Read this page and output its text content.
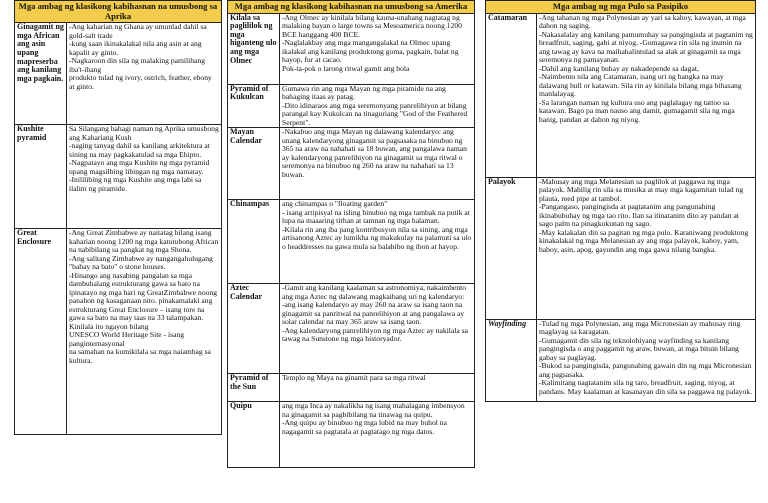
Mga ambag ng klasikong kabihasnan na umusbong sa Aprika	
Ginagamit ng mga African ang asin upang mapreserba ang kanilang mga pagkain.	-Ang kaharian ng Ghana ay umunlad dahil sa gold-salt trade
-kung saan ikinakalakal nila ang asin at ang kapalit ay ginto.
-Nagkaroon din sila ng malaking pamilihang iba't-ibang
produkto tulad ng ivory, ostrich, feather, ebony at ginto.

Kushite pyramid	Sa Silangang bahagi naman ng Aprika umusbong ang Kahariang Kush
-naging tanyag dahil sa kanilang arkitektura at sining na may pagkakatulad sa mga Ehipto.
-Nagpatayo ang mga Kushite ng mga pyramid upang magsilbing libingan ng mga namatay.
-Inililibing ng mga Kushite ang mga labi sa ilalim ng piramide.

Great Enclosure	-Ang Great Zimbabwe ay naitatag bilang isang kaharian noong 1200 ng mga katutubong African na nabibilang sa pangkat ng mga Shona.
-Ang salitang Zimbabwe ay nangangahulugang "bahay na bato" o stone houses.
-Hinango ang nasabing pangalan sa mga dambuhalang estrukturang gawa sa bato na ipinatayo ng mga hari ng GreatZimbabwe noong panahon ng kasaganaan nito. pinakamalaki ang estrukturang Great Enclosure – isang tore na gawa sa bato na may taas na 33 talampakan. Kinilala ito ngayon bilang
UNESCO World Heritage Site - isang panginternasyonal
na samahan na kumikilala sa mga naiambag sa kultura.
Mga ambag ng klasikong kabihasnan na umusbong sa Amerika	
Kilala sa paglililok ng mga higanteng ulo ang mga Olmec	-Ang Olmec ay kinilala bilang kauna-unahang nagtatag ng malaking bayan o large towns sa Mesoamerica noong 1200 BCE hanggang 400 BCE.
-Naglalakbay ang mga mangangalakal na Olmec upang ikalakal ang kanilang produktong goma, pagkain, balat ng hayop, fur at cacao.
Pok-ta-pok o larong ritwal gamit ang bola

Pyramid of Kukulcan	Gumawa rin ang mga Mayan ng mga piramide na ang bahaging itaas ay patag.
-Dito idinaraos ang mga seremonyang panrelihiyon at bilang parangal kay Kukulcan na tinaguriang "God of the Feathered Serpent".

Mayan Calendar	-Nakabuo ang mga Mayan ng dalawang kalendaryo: ang unang kalendaryong ginagamit sa pagsasaka na binubuo ng 365 na araw na nahahati sa 18 buwan, ang pangalawa naman ay kalendaryong panrelihiyon na ginagamit sa mga ritwal o seremonya na binubuo ng 260 na araw na nahahati sa 13 buwan.

Chinampas	ang chinampas o "floating garden"
- isang artipisyal na isling binubuo ng mga tambak na putik at lupa na maaaring tirhan at tamnan ng mga halaman.
-Kilala rin ang iba pang kontribusyon nila sa sining, ang mga artisanong Aztec ay lumikha ng makukulay na palamuti sa ulo o headdresses na gawa mula sa balahibo ng ibon at hayop.

Aztec Calendar	-Gamit ang kanilang kaalaman sa astronomiya, nakaimbento ang mga Aztec ng dalawang magkaibang uri ng kalendaryo:
-ang isang kalendaryo ay may 260 na araw sa isang taon na ginagamit sa panritwal na panrelihiyon at ang pangalawa ay solar calendar na may 365 araw sa isang taon.
-Ang kalendaryong panrelihiyon ng mga Aztec ay nakilala sa tawag na Sunstone ng mga historyador.

Pyramid of the Sun	Templo ng Maya na ginamit para sa mga ritwal

Quipu	ang mga Inca ay nakalikha ng isang mahalagang imbensyon na ginagamit sa pagbibilang na tinawag na quipu.
-Ang quipu ay binubuo ng mga lubid na may buhol na nagagamit sa pagtatala at pagtatago ng mga datos.
Mga ambag ng mga Pulo sa Pasipiko	
Catamaran	-Ang tahanan ng mga Polynesian ay yari sa kahoy, kawayan, at mga dahon ng saging.
-Nakasalalay ang kanilang pamumuhay sa pangingisda at pagtanim ng breadfruit, saging, gabi at niyog. -Gumagawa rin sila ng inumin na ang tawag ay kava na maihahalintulad sa alak at ginagamit sa mga seremonya ng pamayanan.
-Dahil ang kanilang buhay ay nakadepende sa dagat,
-Naimbento nila ang Catamaran, isang uri ng bangka na may dalawang hull or katawan. Sila rin ay kinilala bilang mga bihasang manlalayag.
-Sa larangan naman ng kultura uso ang paglalagay ng tattoo sa katawan. Bago pa man nauso ang damit, gumagamit sila ng mga banig, pandan at dahon ng niyog.

Palayok	-Mahusay ang mga Melanesian sa paglilok at paggawa ng mga palayok. Mahilig rin sila sa musika at may mga kagamitan tulad ng plauta, reed pipe at tambol.
-Pangangaso, pangingisda at pagtatanim ang pangunahing ikinabubuhay ng mga tao rito. Ilan sa itinatanim dito ay pandan at sago palm na pinagkukunan ng sago.
-May kalakalan din sa pagitan ng mga pulo. Karaniwang produktong kinakalakal ng mga Melanesian ay ang mga palayok, kahoy, yam, baboy, asin, apog, gayundin ang mga gawa nilang bangka.

Wayfinding	-Tulad ng mga Polynesian, ang mga Micronesian ay mahusay ring maglayag sa karagatan.
-Gumagamit din sila ng teknolohiyang wayfinding sa kanilang pangingisda o ang paggamit ng araw, buwan, at mga bituin bilang gabay sa paglayag.
-Bukod sa pangingisda, pangunahing gawain din ng mga Micronesian ang pagsasaka.
-Kalimitang nagtatanim sila ng taro, breadfruit, saging, niyog, at pandans. May kaalaman at kasanayan din sila sa paggawa ng palayok.
